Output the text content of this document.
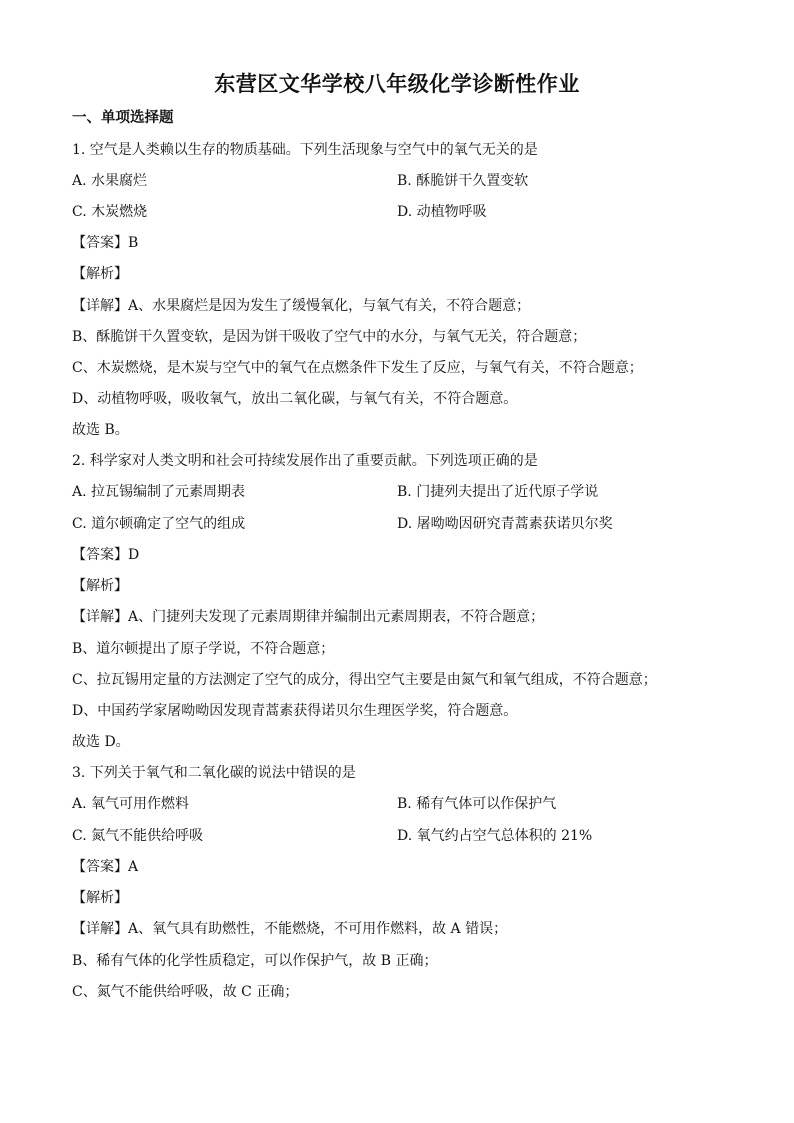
东营区文华学校八年级化学诊断性作业
一、单项选择题
1. 空气是人类赖以生存的物质基础。下列生活现象与空气中的氧气无关的是
A. 水果腐烂	B. 酥脆饼干久置变软
C. 木炭燃烧	D. 动植物呼吸
【答案】B
【解析】
【详解】A、水果腐烂是因为发生了缓慢氧化，与氧气有关，不符合题意；
B、酥脆饼干久置变软，是因为饼干吸收了空气中的水分，与氧气无关，符合题意；
C、木炭燃烧，是木炭与空气中的氧气在点燃条件下发生了反应，与氧气有关，不符合题意；
D、动植物呼吸，吸收氧气，放出二氧化碳，与氧气有关，不符合题意。
故选 B。
2. 科学家对人类文明和社会可持续发展作出了重要贡献。下列选项正确的是
A. 拉瓦锡编制了元素周期表	B. 门捷列夫提出了近代原子学说
C. 道尔顿确定了空气的组成	D. 屠呦呦因研究青蒿素获诺贝尔奖
【答案】D
【解析】
【详解】A、门捷列夫发现了元素周期律并编制出元素周期表，不符合题意；
B、道尔顿提出了原子学说，不符合题意；
C、拉瓦锡用定量的方法测定了空气的成分，得出空气主要是由氮气和氧气组成，不符合题意；
D、中国药学家屠呦呦因发现青蒿素获得诺贝尔生理医学奖，符合题意。
故选 D。
3. 下列关于氧气和二氧化碳的说法中错误的是
A. 氧气可用作燃料	B. 稀有气体可以作保护气
C. 氮气不能供给呼吸	D. 氧气约占空气总体积的 21%
【答案】A
【解析】
【详解】A、氧气具有助燃性，不能燃烧，不可用作燃料，故 A 错误；
B、稀有气体的化学性质稳定，可以作保护气，故 B 正确；
C、氮气不能供给呼吸，故 C 正确；
